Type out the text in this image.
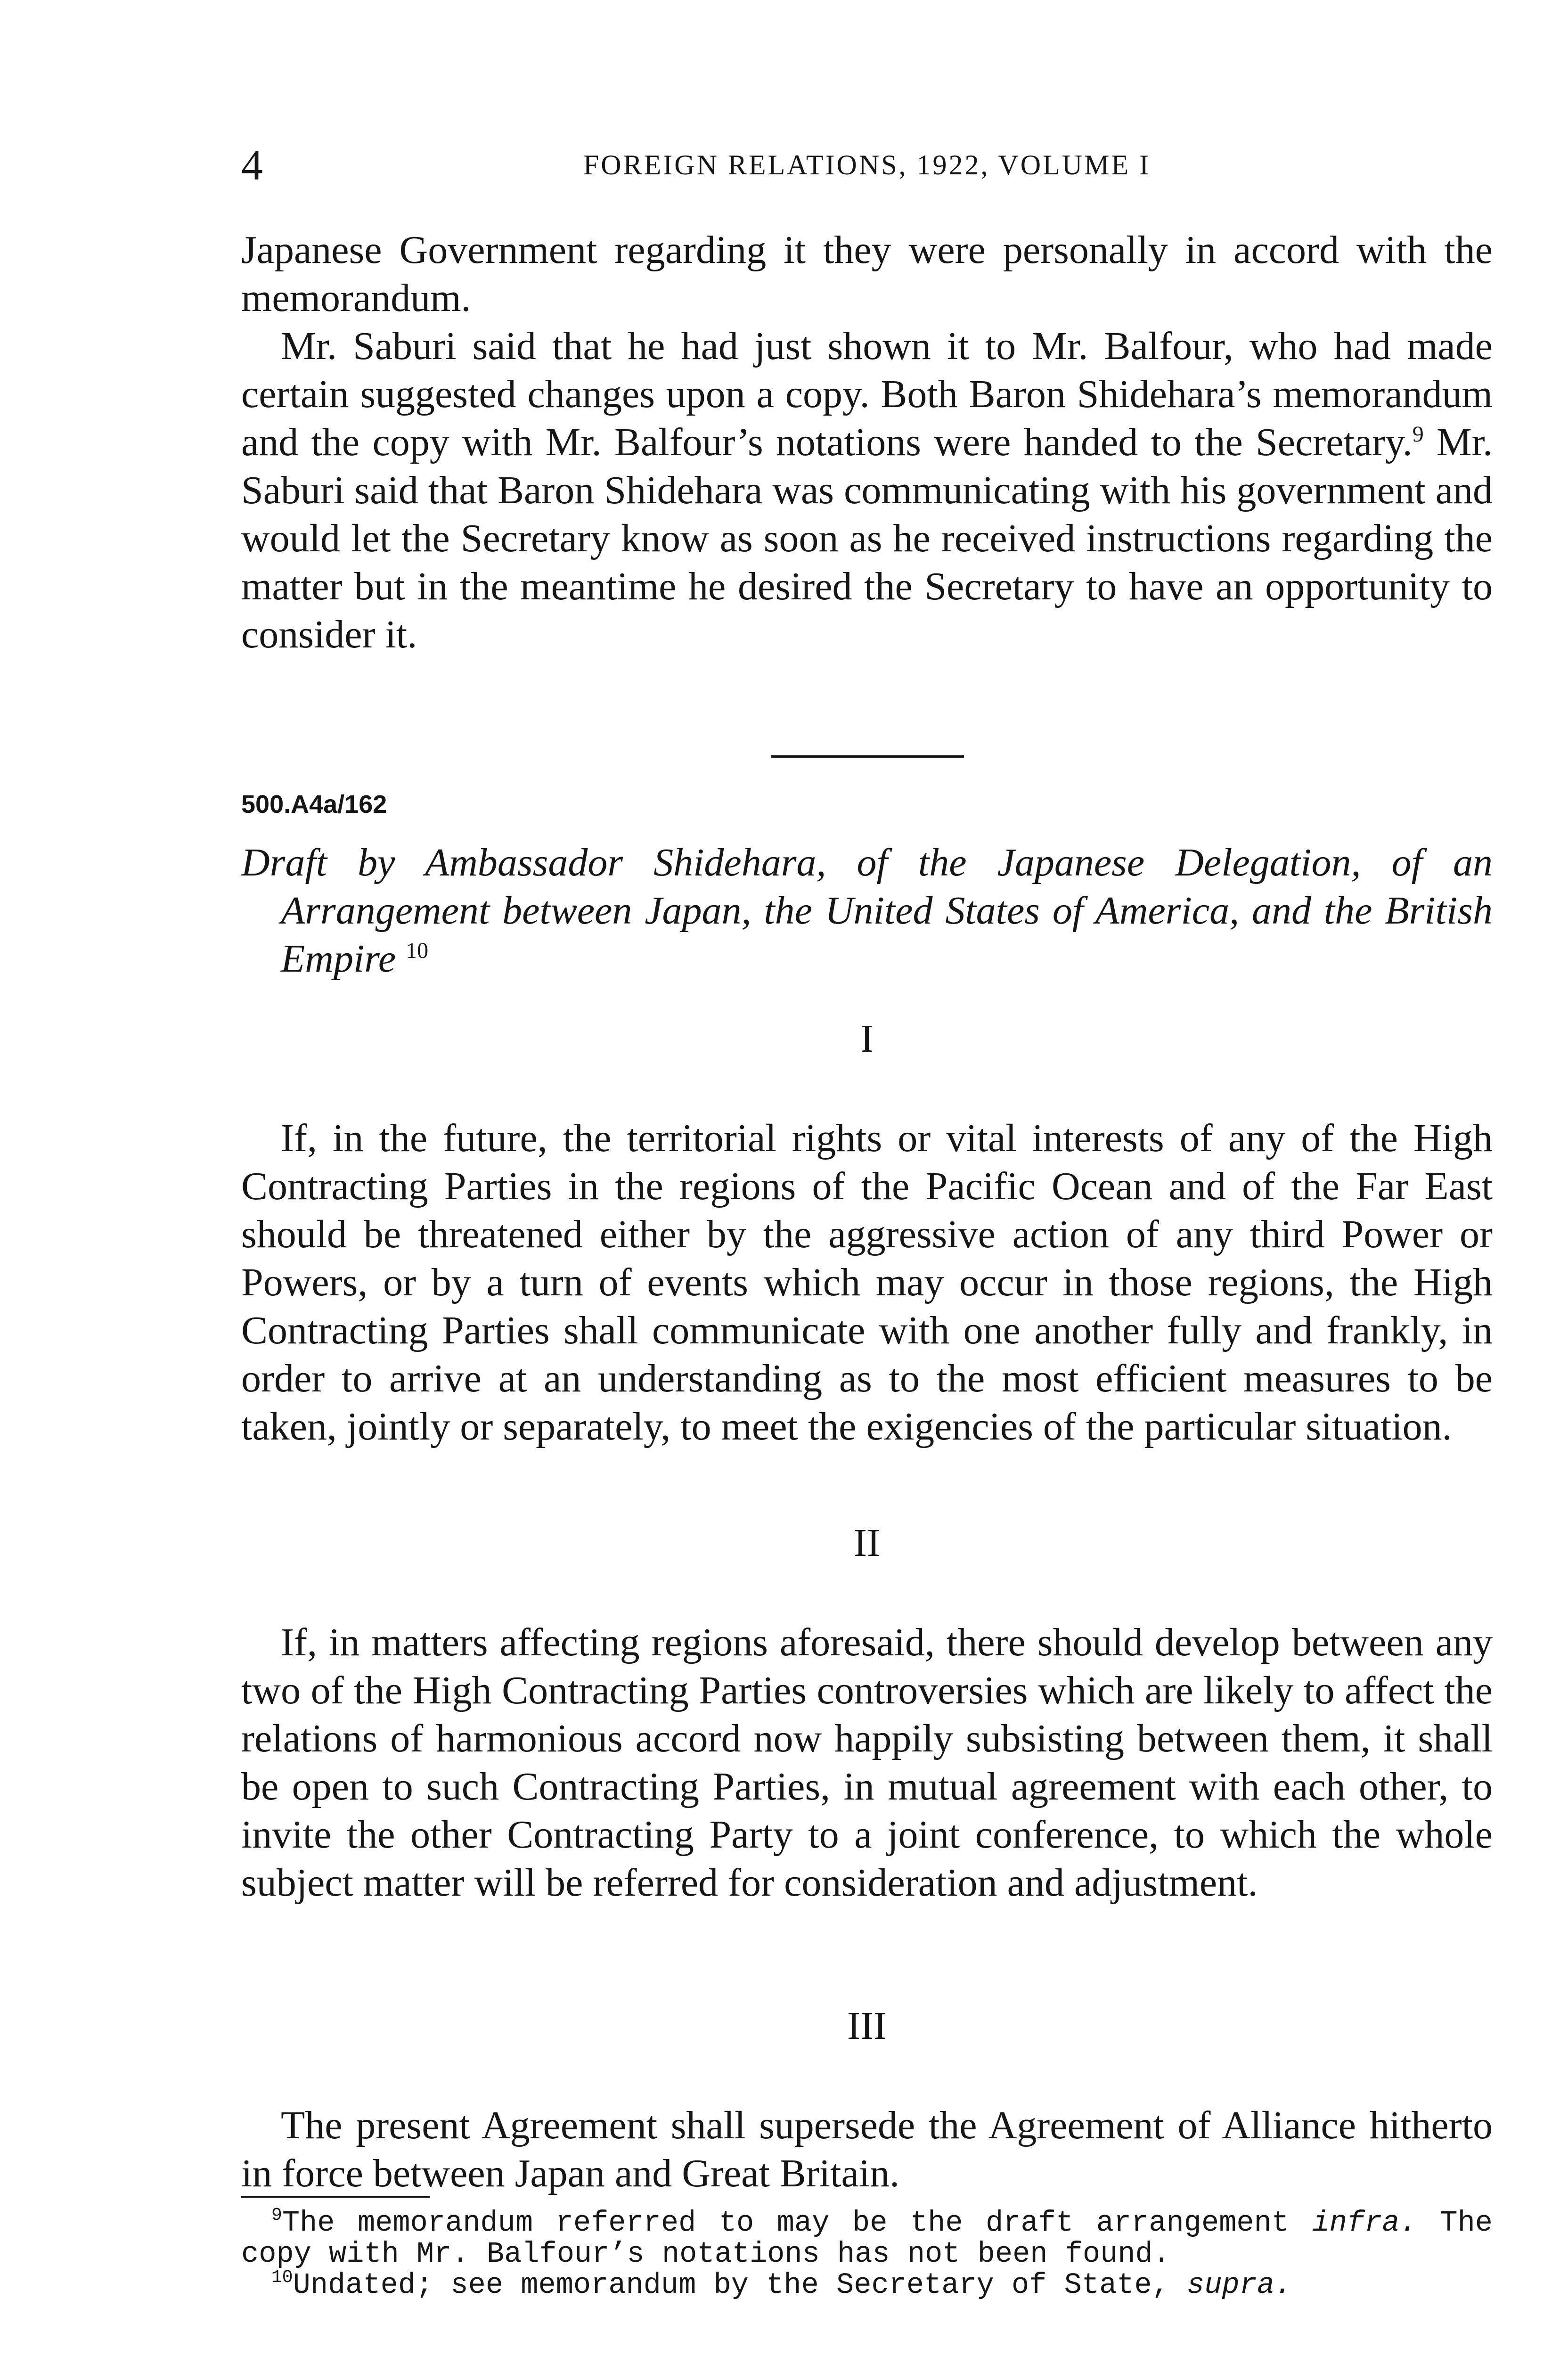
4	FOREIGN RELATIONS, 1922, VOLUME I

Japanese Government regarding it they were personally in accord with the memorandum.

Mr. Saburi said that he had just shown it to Mr. Balfour, who had made certain suggested changes upon a copy. Both Baron Shidehara’s memorandum and the copy with Mr. Balfour’s notations were handed to the Secretary.$^9$ Mr. Saburi said that Baron Shidehara was communicating with his government and would let the Secretary know as soon as he received instructions regarding the matter but in the meantime he desired the Secretary to have an opportunity to consider it.

500.A4a/162
Draft by Ambassador Shidehara, of the Japanese Delegation, of an Arrangement between Japan, the United States of America, and the British Empire $^{10}$
I

If, in the future, the territorial rights or vital interests of any of the High Contracting Parties in the regions of the Pacific Ocean and of the Far East should be threatened either by the aggressive action of any third Power or Powers, or by a turn of events which may occur in those regions, the High Contracting Parties shall communicate with one another fully and frankly, in order to arrive at an understanding as to the most efficient measures to be taken, jointly or separately, to meet the exigencies of the particular situation.

II

If, in matters affecting regions aforesaid, there should develop between any two of the High Contracting Parties controversies which are likely to affect the relations of harmonious accord now happily subsisting between them, it shall be open to such Contracting Parties, in mutual agreement with each other, to invite the other Contracting Party to a joint conference, to which the whole subject matter will be referred for consideration and adjustment.

III

The present Agreement shall supersede the Agreement of Alliance hitherto in force between Japan and Great Britain.

$^9$The memorandum referred to may be the draft arrangement infra. The copy with Mr. Balfour’s notations has not been found.

$^{10}$Undated; see memorandum by the Secretary of State, supra.
